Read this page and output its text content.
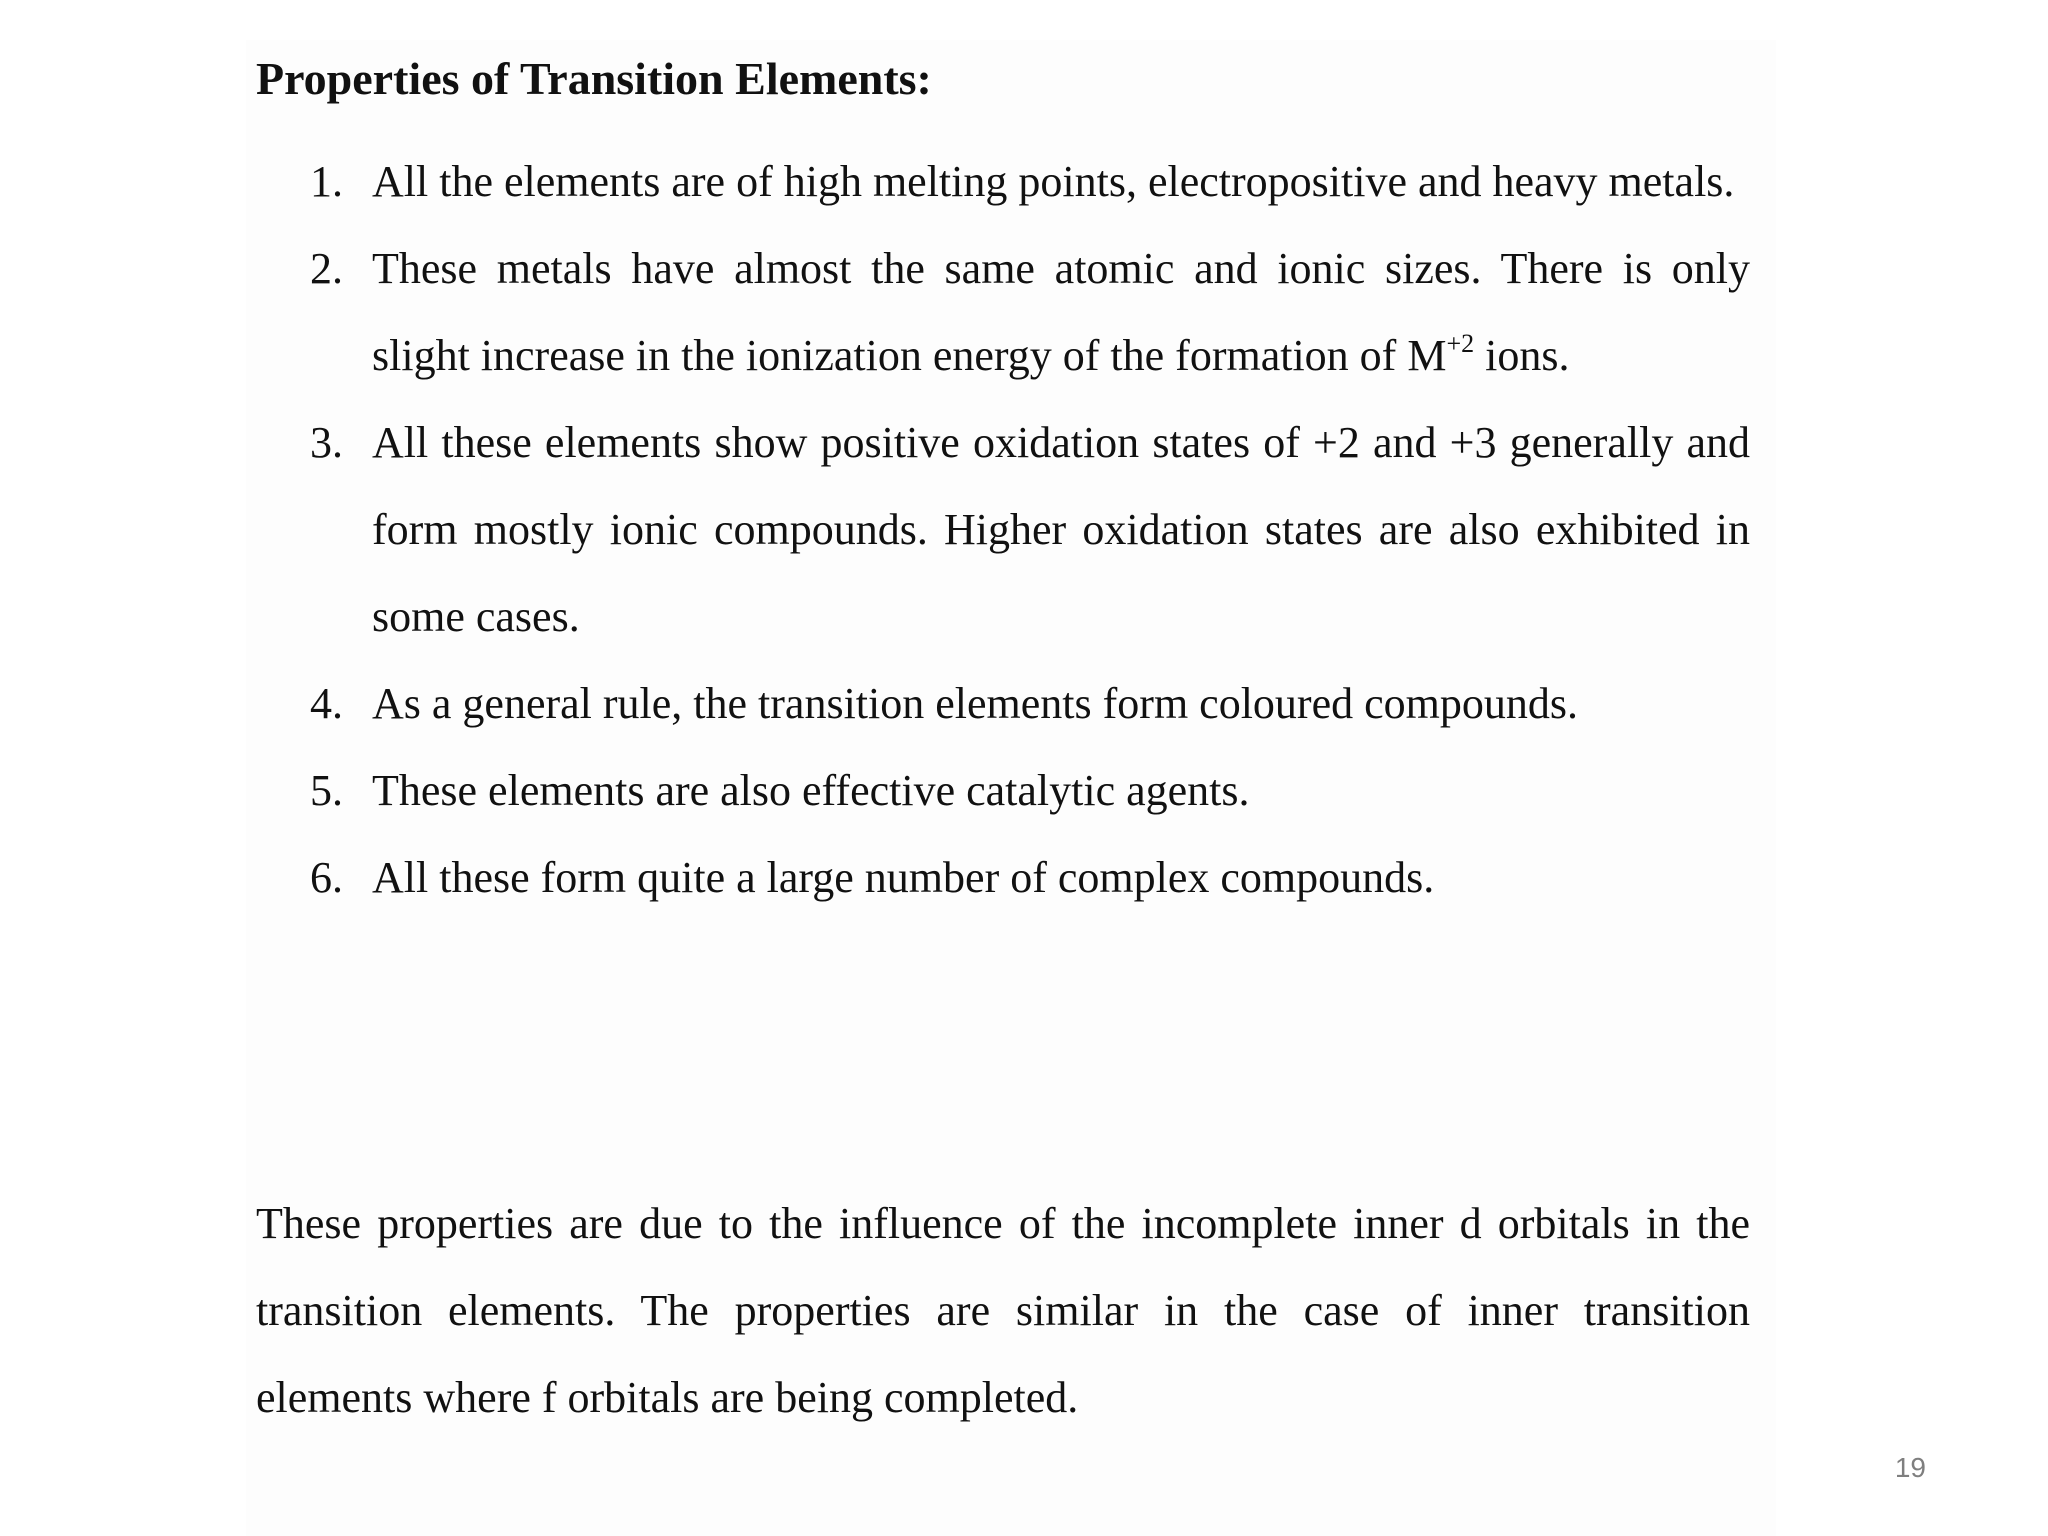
Properties of Transition Elements:
1. All the elements are of high melting points, electropositive and heavy metals.
2. These metals have almost the same atomic and ionic sizes. There is only slight increase in the ionization energy of the formation of $M^{+2}$ ions.
3. All these elements show positive oxidation states of +2 and +3 generally and form mostly ionic compounds. Higher oxidation states are also exhibited in some cases.
4. As a general rule, the transition elements form coloured compounds.
5. These elements are also effective catalytic agents.
6. All these form quite a large number of complex compounds.

These properties are due to the influence of the incomplete inner d orbitals in the transition elements. The properties are similar in the case of inner transition elements where f orbitals are being completed.

19
